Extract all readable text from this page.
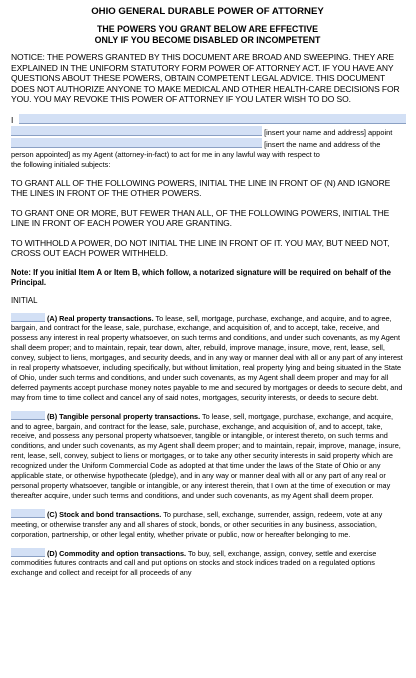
OHIO GENERAL DURABLE POWER OF ATTORNEY
THE POWERS YOU GRANT BELOW ARE EFFECTIVE
ONLY IF YOU BECOME DISABLED OR INCOMPETENT
NOTICE: THE POWERS GRANTED BY THIS DOCUMENT ARE BROAD AND SWEEPING. THEY ARE EXPLAINED IN THE UNIFORM STATUTORY FORM POWER OF ATTORNEY ACT. IF YOU HAVE ANY QUESTIONS ABOUT THESE POWERS, OBTAIN COMPETENT LEGAL ADVICE. THIS DOCUMENT DOES NOT AUTHORIZE ANYONE TO MAKE MEDICAL AND OTHER HEALTH-CARE DECISIONS FOR YOU. YOU MAY REVOKE THIS POWER OF ATTORNEY IF YOU LATER WISH TO DO SO.
I
[insert your name and address] appoint
[insert the name and address of the
person appointed] as my Agent (attorney-in-fact) to act for me in any lawful way with respect to
the following initialed subjects:
TO GRANT ALL OF THE FOLLOWING POWERS, INITIAL THE LINE IN FRONT OF (N) AND IGNORE THE LINES IN FRONT OF THE OTHER POWERS.
TO GRANT ONE OR MORE, BUT FEWER THAN ALL, OF THE FOLLOWING POWERS, INITIAL THE LINE IN FRONT OF EACH POWER YOU ARE GRANTING.
TO WITHHOLD A POWER, DO NOT INITIAL THE LINE IN FRONT OF IT. YOU MAY, BUT NEED NOT, CROSS OUT EACH POWER WITHHELD.
Note: If you initial Item A or Item B, which follow, a notarized signature will be required on behalf of the Principal.
INITIAL
(A) Real property transactions. To lease, sell, mortgage, purchase, exchange, and acquire, and to agree, bargain, and contract for the lease, sale, purchase, exchange, and acquisition of, and to accept, take, receive, and possess any interest in real property whatsoever, on such terms and conditions, and under such covenants, as my Agent shall deem proper; and to maintain, repair, tear down, alter, rebuild, improve manage, insure, move, rent, lease, sell, convey, subject to liens, mortgages, and security deeds, and in any way or manner deal with all or any part of any interest in real property whatsoever, including specifically, but without limitation, real property lying and being situated in the State of Ohio, under such terms and conditions, and under such covenants, as my Agent shall deem proper and may for all deferred payments accept purchase money notes payable to me and secured by mortgages or deeds to secure debt, and may from time to time collect and cancel any of said notes, mortgages, security interests, or deeds to secure debt.
(B) Tangible personal property transactions. To lease, sell, mortgage, purchase, exchange, and acquire, and to agree, bargain, and contract for the lease, sale, purchase, exchange, and acquisition of, and to accept, take, receive, and possess any personal property whatsoever, tangible or intangible, or interest thereto, on such terms and conditions, and under such covenants, as my Agent shall deem proper; and to maintain, repair, improve, manage, insure, rent, lease, sell, convey, subject to liens or mortgages, or to take any other security interests in said property which are recognized under the Uniform Commercial Code as adopted at that time under the laws of the State of Ohio or any applicable state, or otherwise hypothecate (pledge), and in any way or manner deal with all or any part of any real or personal property whatsoever, tangible or intangible, or any interest therein, that I own at the time of execution or may thereafter acquire, under such terms and conditions, and under such covenants, as my Agent shall deem proper.
(C) Stock and bond transactions. To purchase, sell, exchange, surrender, assign, redeem, vote at any meeting, or otherwise transfer any and all shares of stock, bonds, or other securities in any business, association, corporation, partnership, or other legal entity, whether private or public, now or hereafter belonging to me.
(D) Commodity and option transactions. To buy, sell, exchange, assign, convey, settle and exercise commodities futures contracts and call and put options on stocks and stock indices traded on a regulated options exchange and collect and receipt for all proceeds of any
